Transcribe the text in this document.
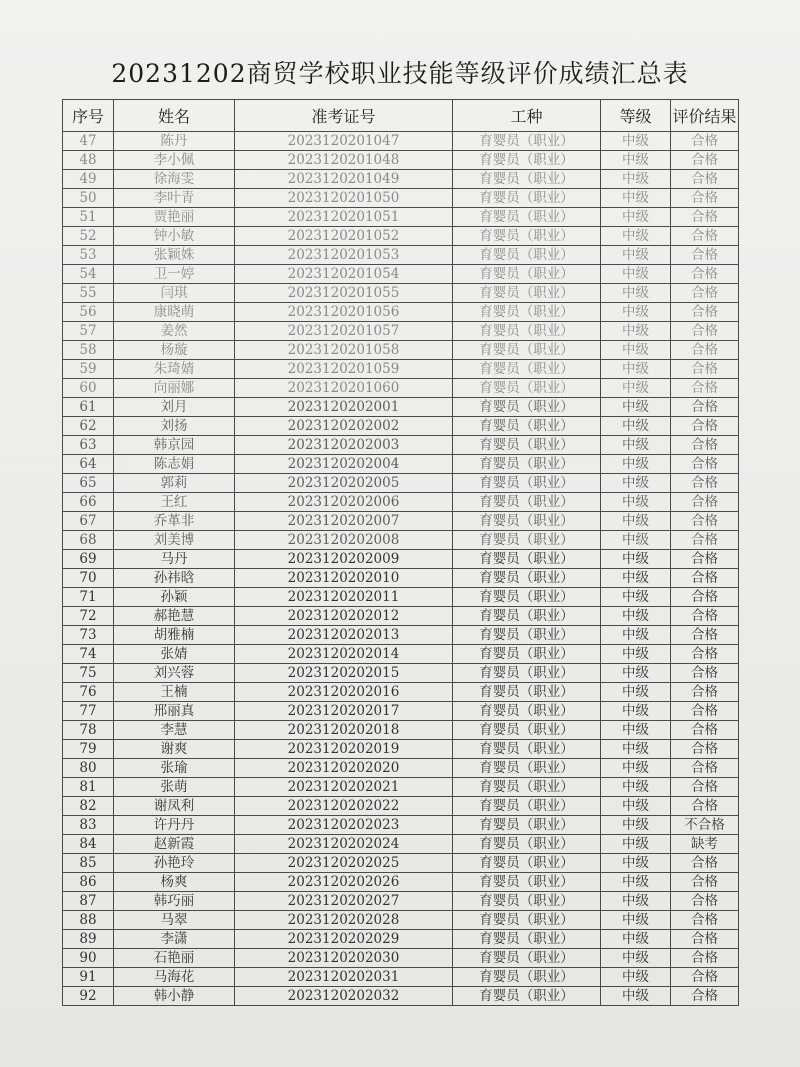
20231202商贸学校职业技能等级评价成绩汇总表
序号	姓名	准考证号	工种	等级	评价结果
47	陈丹	2023120201047	育婴员（职业）	中级	合格
48	李小佩	2023120201048	育婴员（职业）	中级	合格
49	徐海雯	2023120201049	育婴员（职业）	中级	合格
50	李叶青	2023120201050	育婴员（职业）	中级	合格
51	贾艳丽	2023120201051	育婴员（职业）	中级	合格
52	钟小敏	2023120201052	育婴员（职业）	中级	合格
53	张颖姝	2023120201053	育婴员（职业）	中级	合格
54	卫一婷	2023120201054	育婴员（职业）	中级	合格
55	闫琪	2023120201055	育婴员（职业）	中级	合格
56	康晓萌	2023120201056	育婴员（职业）	中级	合格
57	姜然	2023120201057	育婴员（职业）	中级	合格
58	杨璇	2023120201058	育婴员（职业）	中级	合格
59	朱琦婧	2023120201059	育婴员（职业）	中级	合格
60	向丽娜	2023120201060	育婴员（职业）	中级	合格
61	刘月	2023120202001	育婴员（职业）	中级	合格
62	刘扬	2023120202002	育婴员（职业）	中级	合格
63	韩京园	2023120202003	育婴员（职业）	中级	合格
64	陈志娟	2023120202004	育婴员（职业）	中级	合格
65	郭莉	2023120202005	育婴员（职业）	中级	合格
66	王红	2023120202006	育婴员（职业）	中级	合格
67	乔革非	2023120202007	育婴员（职业）	中级	合格
68	刘美博	2023120202008	育婴员（职业）	中级	合格
69	马丹	2023120202009	育婴员（职业）	中级	合格
70	孙祎晗	2023120202010	育婴员（职业）	中级	合格
71	孙颖	2023120202011	育婴员（职业）	中级	合格
72	郝艳慧	2023120202012	育婴员（职业）	中级	合格
73	胡雅楠	2023120202013	育婴员（职业）	中级	合格
74	张婧	2023120202014	育婴员（职业）	中级	合格
75	刘兴蓉	2023120202015	育婴员（职业）	中级	合格
76	王楠	2023120202016	育婴员（职业）	中级	合格
77	邢丽真	2023120202017	育婴员（职业）	中级	合格
78	李慧	2023120202018	育婴员（职业）	中级	合格
79	谢爽	2023120202019	育婴员（职业）	中级	合格
80	张瑜	2023120202020	育婴员（职业）	中级	合格
81	张萌	2023120202021	育婴员（职业）	中级	合格
82	谢凤利	2023120202022	育婴员（职业）	中级	合格
83	许丹丹	2023120202023	育婴员（职业）	中级	不合格
84	赵新霞	2023120202024	育婴员（职业）	中级	缺考
85	孙艳玲	2023120202025	育婴员（职业）	中级	合格
86	杨爽	2023120202026	育婴员（职业）	中级	合格
87	韩巧丽	2023120202027	育婴员（职业）	中级	合格
88	马翠	2023120202028	育婴员（职业）	中级	合格
89	李潇	2023120202029	育婴员（职业）	中级	合格
90	石艳丽	2023120202030	育婴员（职业）	中级	合格
91	马海花	2023120202031	育婴员（职业）	中级	合格
92	韩小静	2023120202032	育婴员（职业）	中级	合格
